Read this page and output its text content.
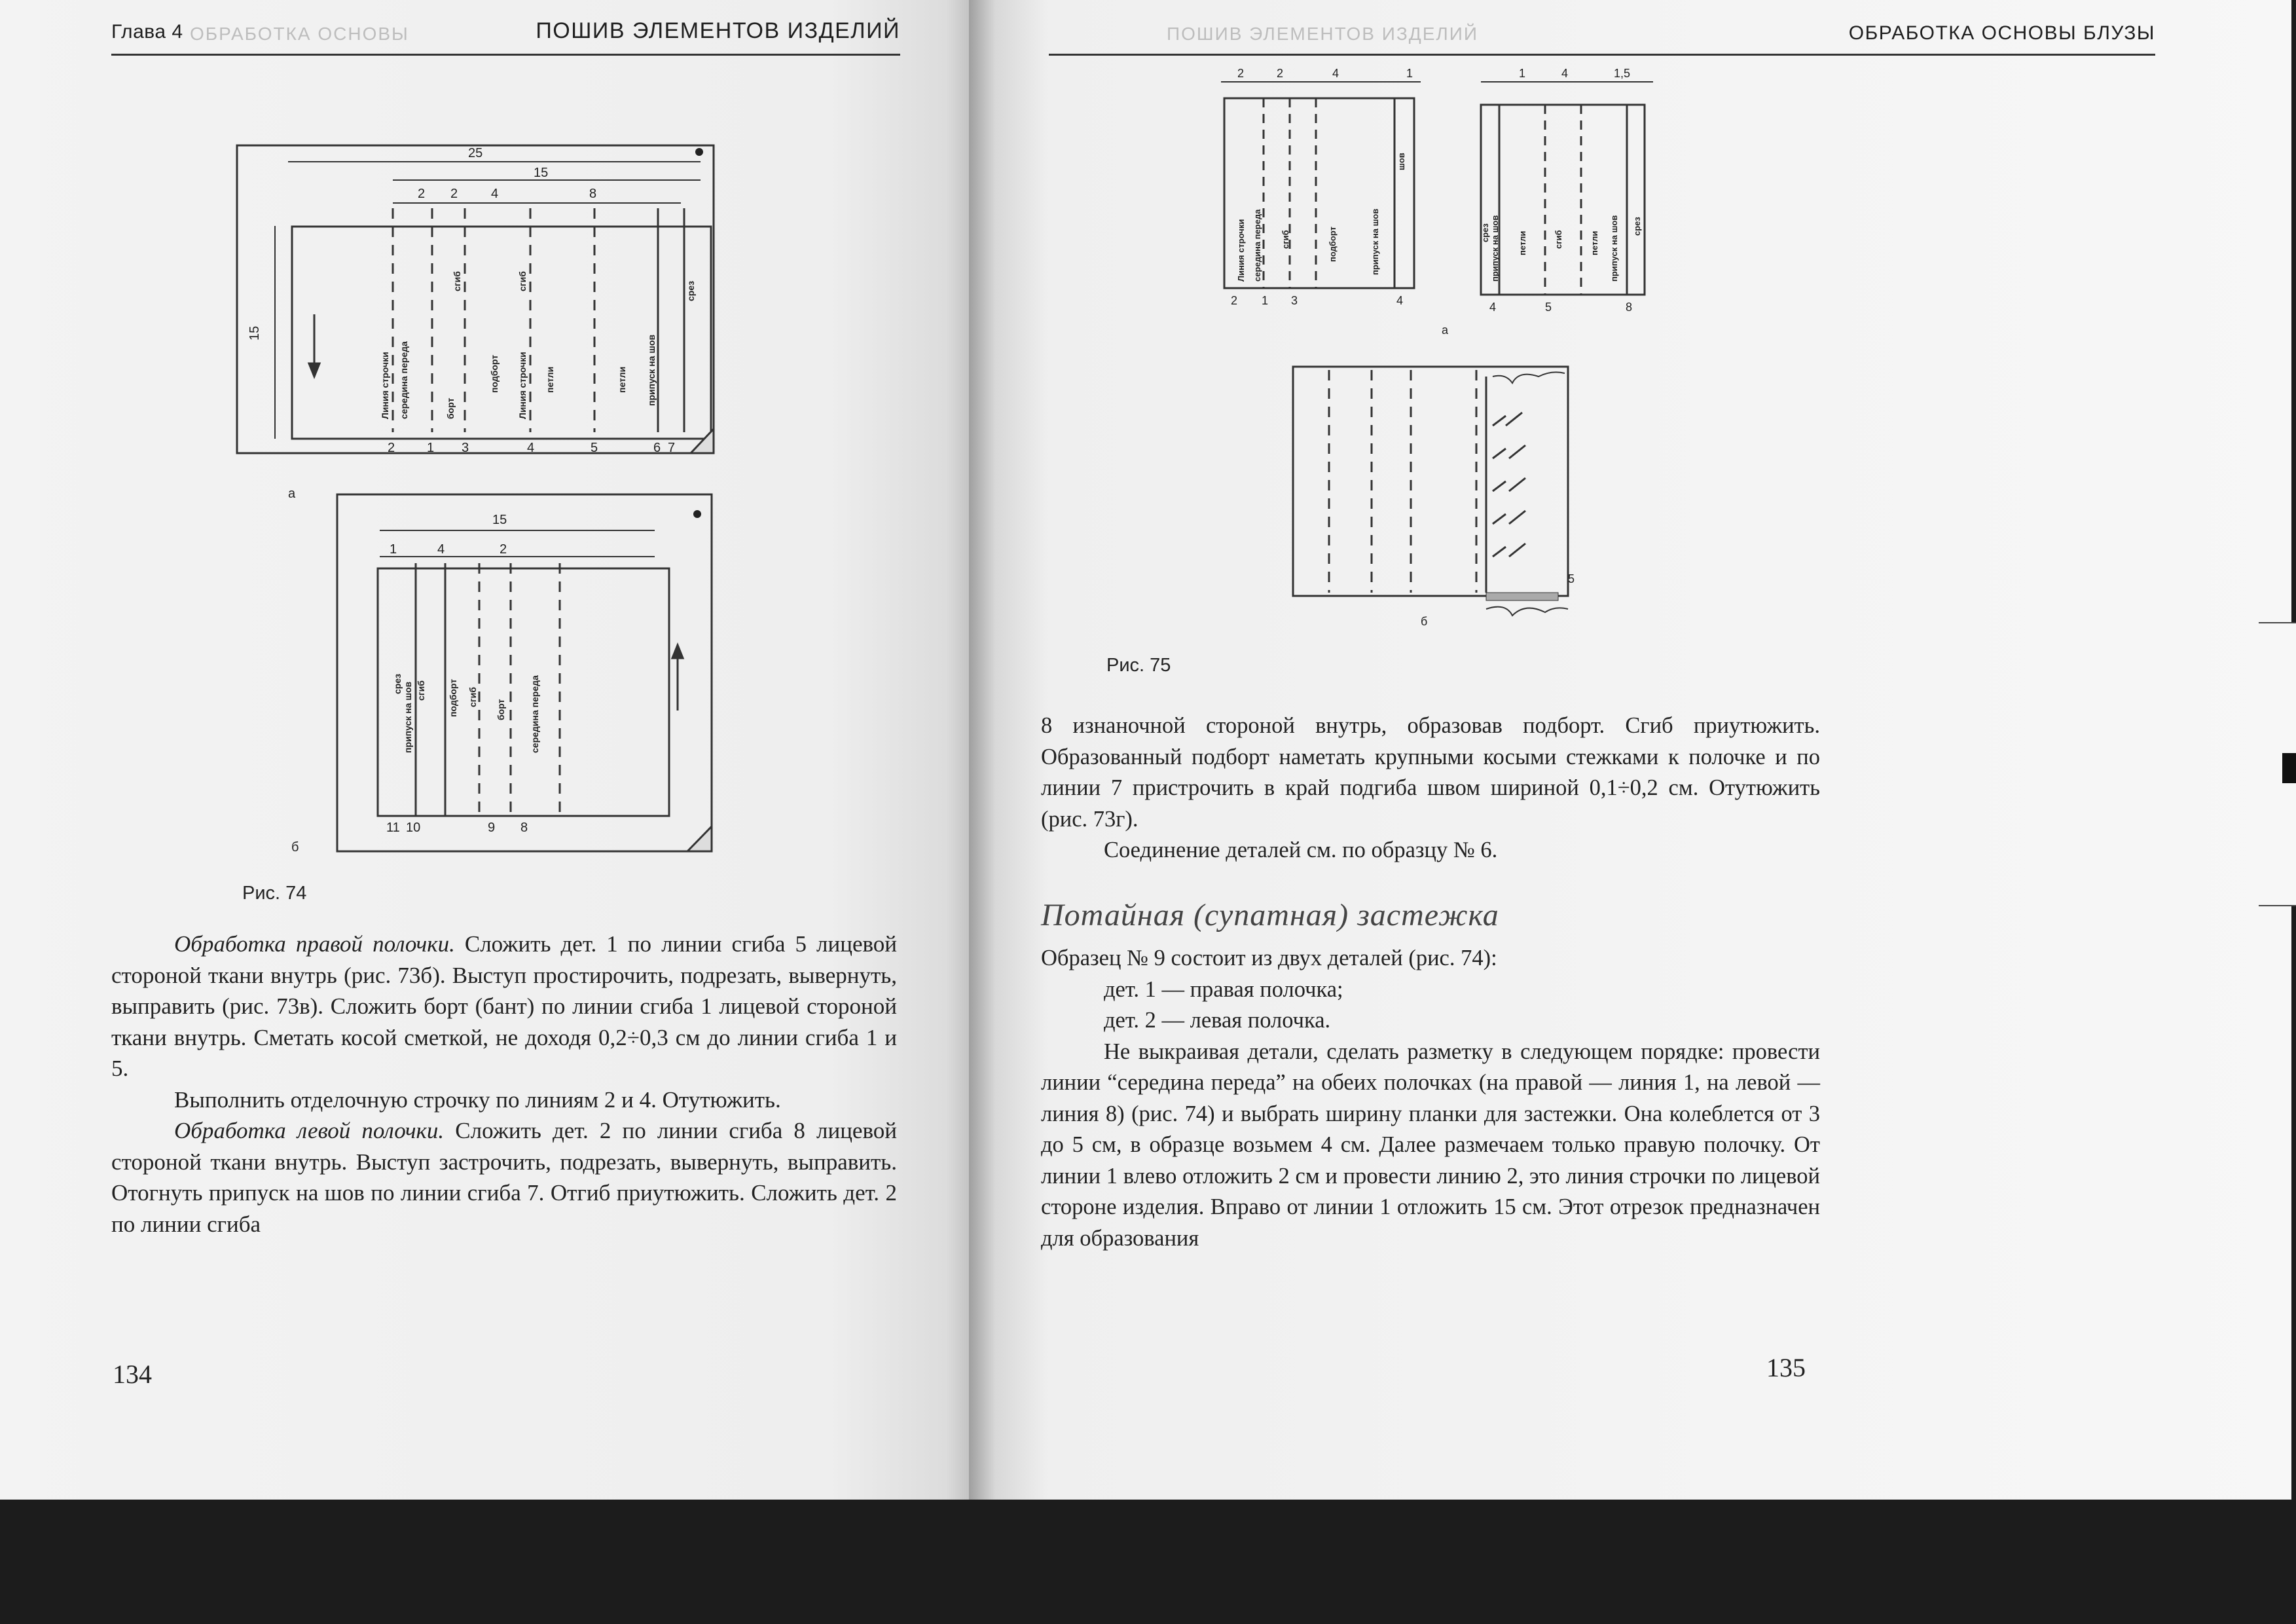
Глава 4 ОБРАБОТКА ОСНОВЫ	ПОШИВ ЭЛЕМЕНТОВ ИЗДЕЛИЙ
25
15
2 2	4	8
15
2 1 3	4	5	6 7
Линия строчки середина переда	борт
сгиб
подборт
сгиб
Линия строчки петли	петли припуск на шов
срез
а
б
15
1	4	2
11 10	9 8
срез припуск на шов сгиб подборт сгиб
борт	середина переда
Рис. 74

Обработка правой полочки. Сложить дет. 1 по линии сгиба 5 лицевой стороной ткани внутрь (рис. 73б). Выступ простирочить, подрезать, вывернуть, выправить (рис. 73в). Сложить борт (бант) по линии сгиба 1 лицевой стороной ткани внутрь. Сметать косой сметкой, не доходя 0,2÷0,3 см до линии сгиба 1 и 5.

Выполнить отделочную строчку по линиям 2 и 4. Отутюжить.

Обработка левой полочки. Сложить дет. 2 по линии сгиба 8 лицевой стороной ткани внутрь. Выступ застрочить, подрезать, вывернуть, выправить. Отогнуть припуск на шов по линии сгиба 7. Отгиб приутюжить. Сложить дет. 2 по линии сгиба

134
ПОШИВ ЭЛЕМЕНТОВ ИЗДЕЛИЙ	ОБРАБОТКА ОСНОВЫ БЛУЗЫ
2	2	4	1
2 1 3	4
1	4	1,5
4	5	8
а
б
5
Линия строчки середина переда сгиб	подборт	припуск на шов
шов
срез припуск на шов петли	сгиб	петли припуск на шов срез
Рис. 75

8 изнаночной стороной внутрь, образовав подборт. Сгиб приутюжить. Образованный подборт наметать крупными косыми стежками к полочке и по линии 7 пристрочить в край подгиба швом шириной 0,1÷0,2 см. Отутюжить (рис. 73г).

Соединение деталей см. по образцу № 6.

Потайная (супатная) застежка

Образец № 9 состоит из двух деталей (рис. 74):

дет. 1 — правая полочка;

дет. 2 — левая полочка.

Не выкраивая детали, сделать разметку в следующем порядке: провести линии “середина переда” на обеих полочках (на правой — линия 1, на левой — линия 8) (рис. 74) и выбрать ширину планки для застежки. Она колеблется от 3 до 5 см, в образце возьмем 4 см. Далее размечаем только правую полочку. От линии 1 влево отложить 2 см и провести линию 2, это линия строчки по лицевой стороне изделия. Вправо от линии 1 отложить 15 см. Этот отрезок предназначен для образования

135
